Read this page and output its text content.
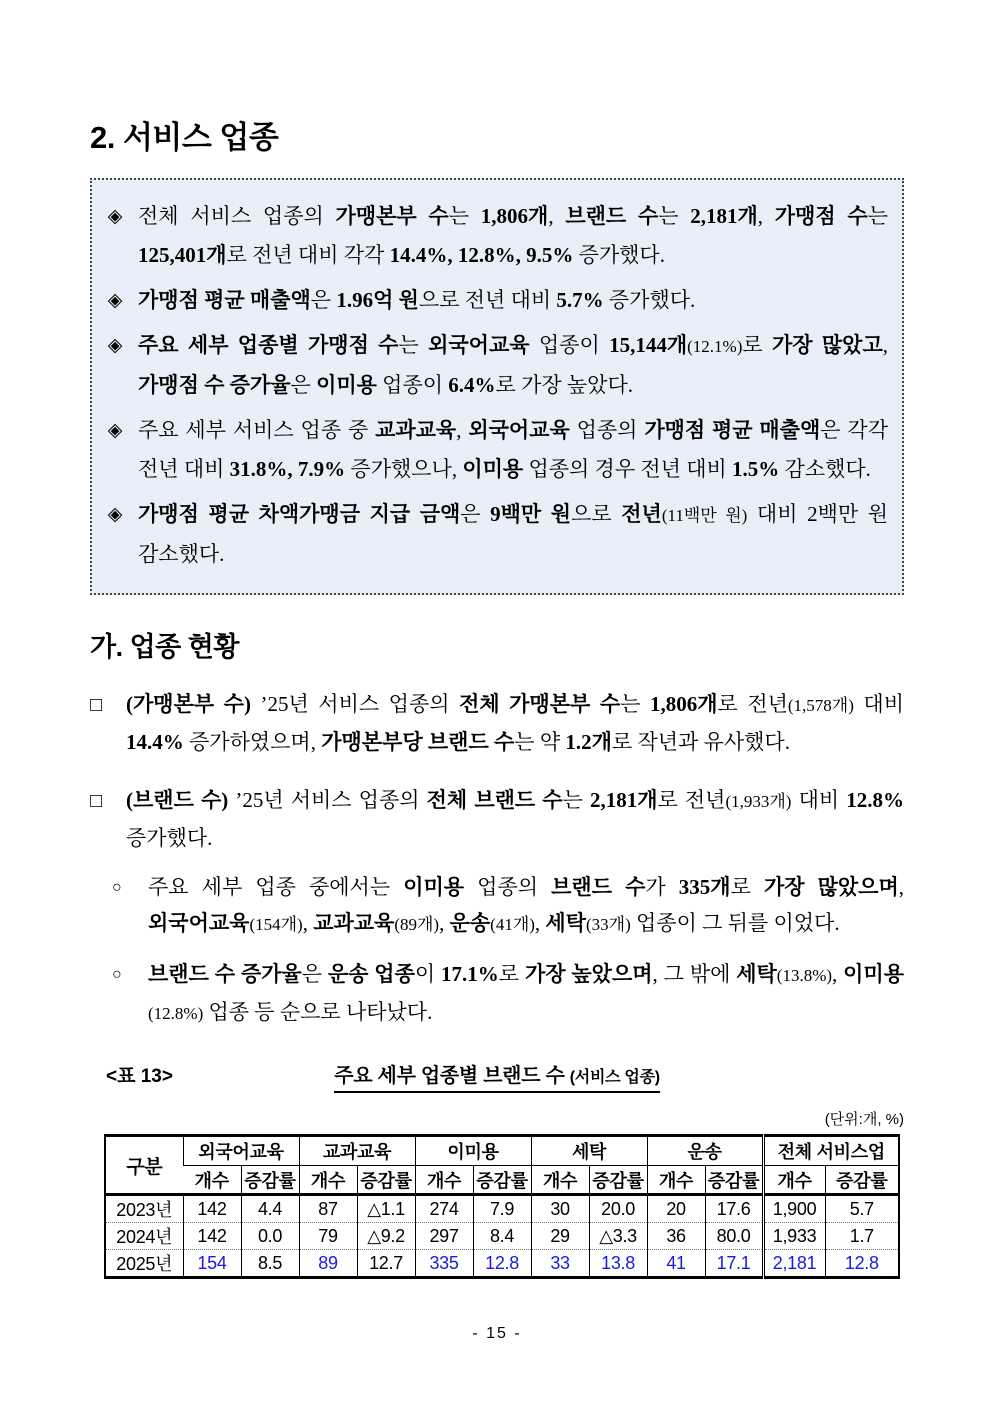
2. 서비스 업종
◈ 전체 서비스 업종의 가맹본부 수는 1,806개, 브랜드 수는 2,181개, 가맹점 수는 125,401개로 전년 대비 각각 14.4%, 12.8%, 9.5% 증가했다.
◈ 가맹점 평균 매출액은 1.96억 원으로 전년 대비 5.7% 증가했다.
◈ 주요 세부 업종별 가맹점 수는 외국어교육 업종이 15,144개(12.1%)로 가장 많았고, 가맹점 수 증가율은 이미용 업종이 6.4%로 가장 높았다.
◈ 주요 세부 서비스 업종 중 교과교육, 외국어교육 업종의 가맹점 평균 매출액은 각각 전년 대비 31.8%, 7.9% 증가했으나, 이미용 업종의 경우 전년 대비 1.5% 감소했다.
◈ 가맹점 평균 차액가맹금 지급 금액은 9백만 원으로 전년(11백만 원) 대비 2백만 원 감소했다.
가. 업종 현황
□	(가맹본부 수) ’25년 서비스 업종의 전체 가맹본부 수는 1,806개로 전년(1,578개) 대비 14.4% 증가하였으며, 가맹본부당 브랜드 수는 약 1.2개로 작년과 유사했다.
□	(브랜드 수) ’25년 서비스 업종의 전체 브랜드 수는 2,181개로 전년(1,933개) 대비 12.8% 증가했다.
○	주요 세부 업종 중에서는 이미용 업종의 브랜드 수가 335개로 가장 많았으며, 외국어교육(154개), 교과교육(89개), 운송(41개), 세탁(33개) 업종이 그 뒤를 이었다.
○	브랜드 수 증가율은 운송 업종이 17.1%로 가장 높았으며, 그 밖에 세탁(13.8%), 이미용(12.8%) 업종 등 순으로 나타났다.
<표 13>	주요 세부 업종별 브랜드 수 (서비스 업종)
(단위:개, %)
구분	외국어교육		교과교육		이미용		세탁		운송		전체 서비스업	
	개수	증감률	개수	증감률	개수	증감률	개수	증감률	개수	증감률	개수	증감률
2023년	142	4.4	87	△1.1	274	7.9	30	20.0	20	17.6	1,900	5.7
2024년	142	0.0	79	△9.2	297	8.4	29	△3.3	36	80.0	1,933	1.7
2025년	154	8.5	89	12.7	335	12.8	33	13.8	41	17.1	2,181	12.8
- 15 -
